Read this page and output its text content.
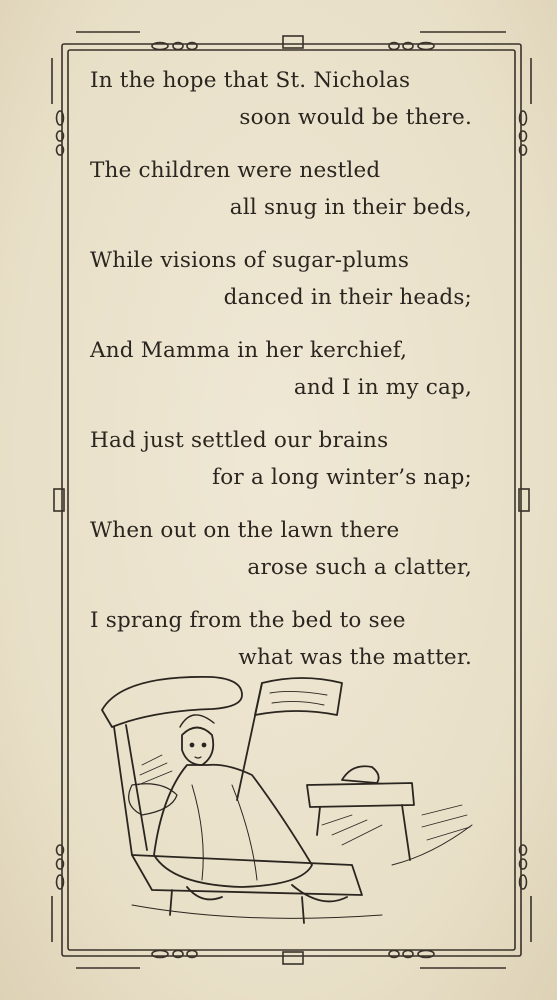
In the hope that St. Nicholas
soon would be there.
The children were nestled
all snug in their beds,
While visions of sugar-plums
danced in their heads;
And Mamma in her kerchief,
and I in my cap,
Had just settled our brains
for a long winter’s nap;
When out on the lawn there
arose such a clatter,
I sprang from the bed to see
what was the matter.
